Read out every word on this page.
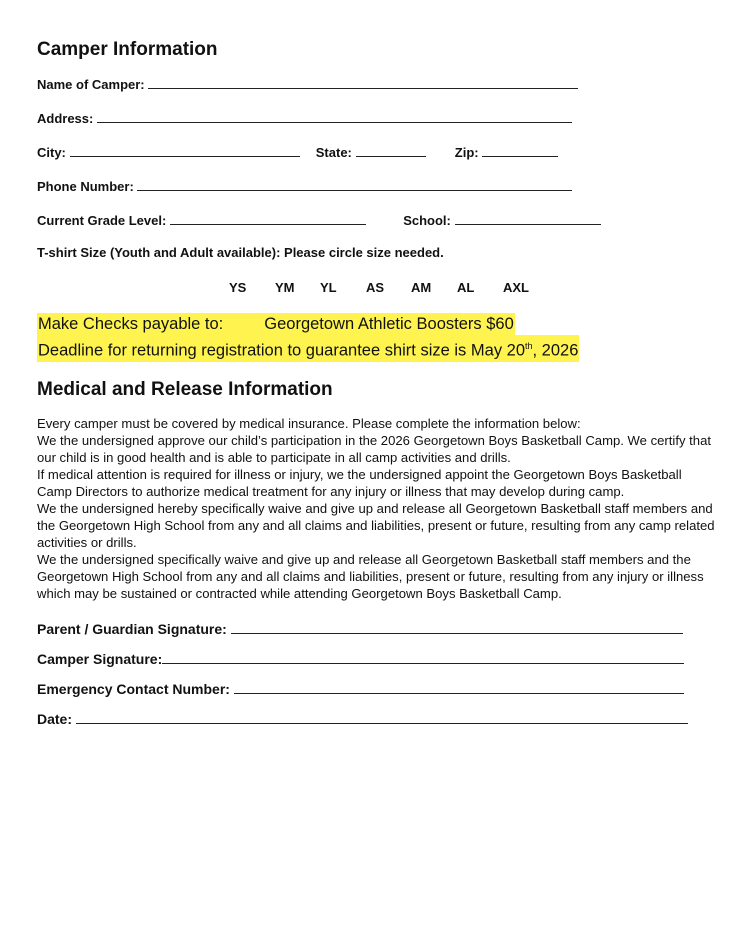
Camper Information
Name of Camper:
Address:
City:	State:	Zip:
Phone Number:
Current Grade Level:	School:
T-shirt Size (Youth and Adult available): Please circle size needed.
YS YM YL AS AM AL AXL
Make Checks payable to: Georgetown Athletic Boosters $60
Deadline for returning registration to guarantee shirt size is May 20th, 2026
Medical and Release Information

Every camper must be covered by medical insurance. Please complete the information below:

We the undersigned approve our child’s participation in the 2026 Georgetown Boys Basketball Camp. We certify that our child is in good health and is able to participate in all camp activities and drills.

If medical attention is required for illness or injury, we the undersigned appoint the Georgetown Boys Basketball Camp Directors to authorize medical treatment for any injury or illness that may develop during camp.

We the undersigned hereby specifically waive and give up and release all Georgetown Basketball staff members and the Georgetown High School from any and all claims and liabilities, present or future, resulting from any camp related activities or drills.

We the undersigned specifically waive and give up and release all Georgetown Basketball staff members and the Georgetown High School from any and all claims and liabilities, present or future, resulting from any injury or illness which may be sustained or contracted while attending Georgetown Boys Basketball Camp.

Parent / Guardian Signature:
Camper Signature:
Emergency Contact Number:
Date:
